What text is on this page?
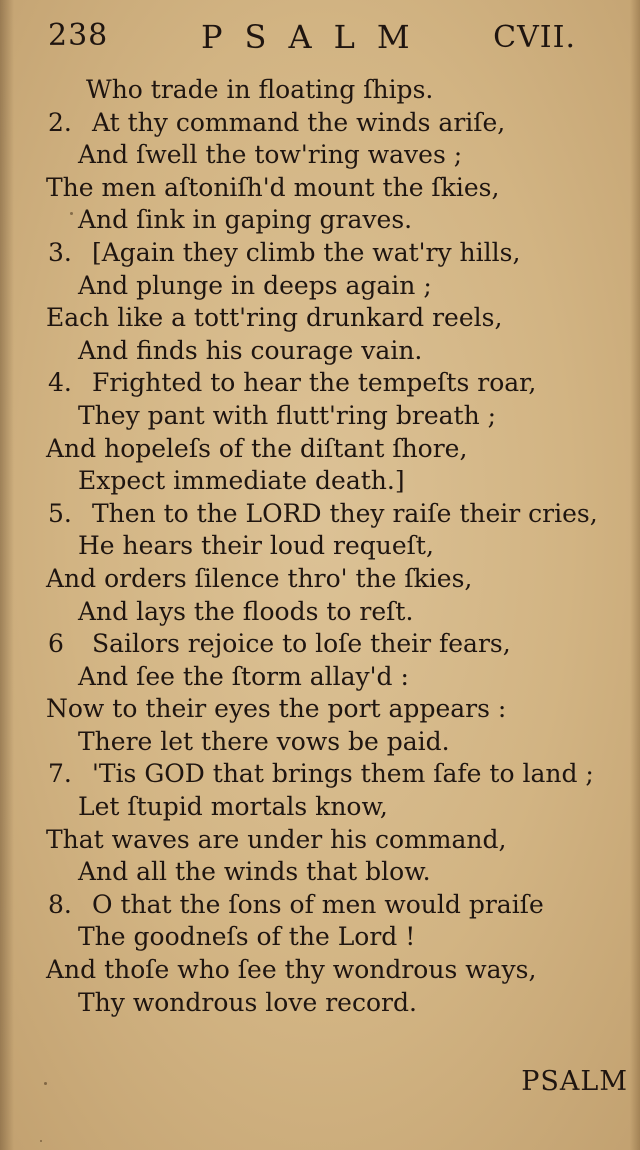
238	PSALM CVII.
Who trade in floating ſhips.
2. At thy command the winds ariſe,
And ſwell the tow'ring waves ;
The men aſtoniſh'd mount the ſkies,
And ſink in gaping graves.
3. [Again they climb the wat'ry hills,
And plunge in deeps again ;
Each like a tott'ring drunkard reels,
And finds his courage vain.
4. Frighted to hear the tempeſts roar,
They pant with flutt'ring breath ;
And hopeleſs of the diſtant ſhore,
Expect immediate death.]
5. Then to the LORD they raiſe their cries,
He hears their loud requeſt,
And orders ſilence thro' the ſkies,
And lays the floods to reſt.
6 Sailors rejoice to loſe their fears,
And ſee the ſtorm allay'd :
Now to their eyes the port appears :
There let there vows be paid.
7. 'Tis GOD that brings them ſafe to land ;
Let ſtupid mortals know,
That waves are under his command,
And all the winds that blow.
8. O that the ſons of men would praiſe
The goodneſs of the Lord !
And thoſe who ſee thy wondrous ways,
Thy wondrous love record.
PSALM
